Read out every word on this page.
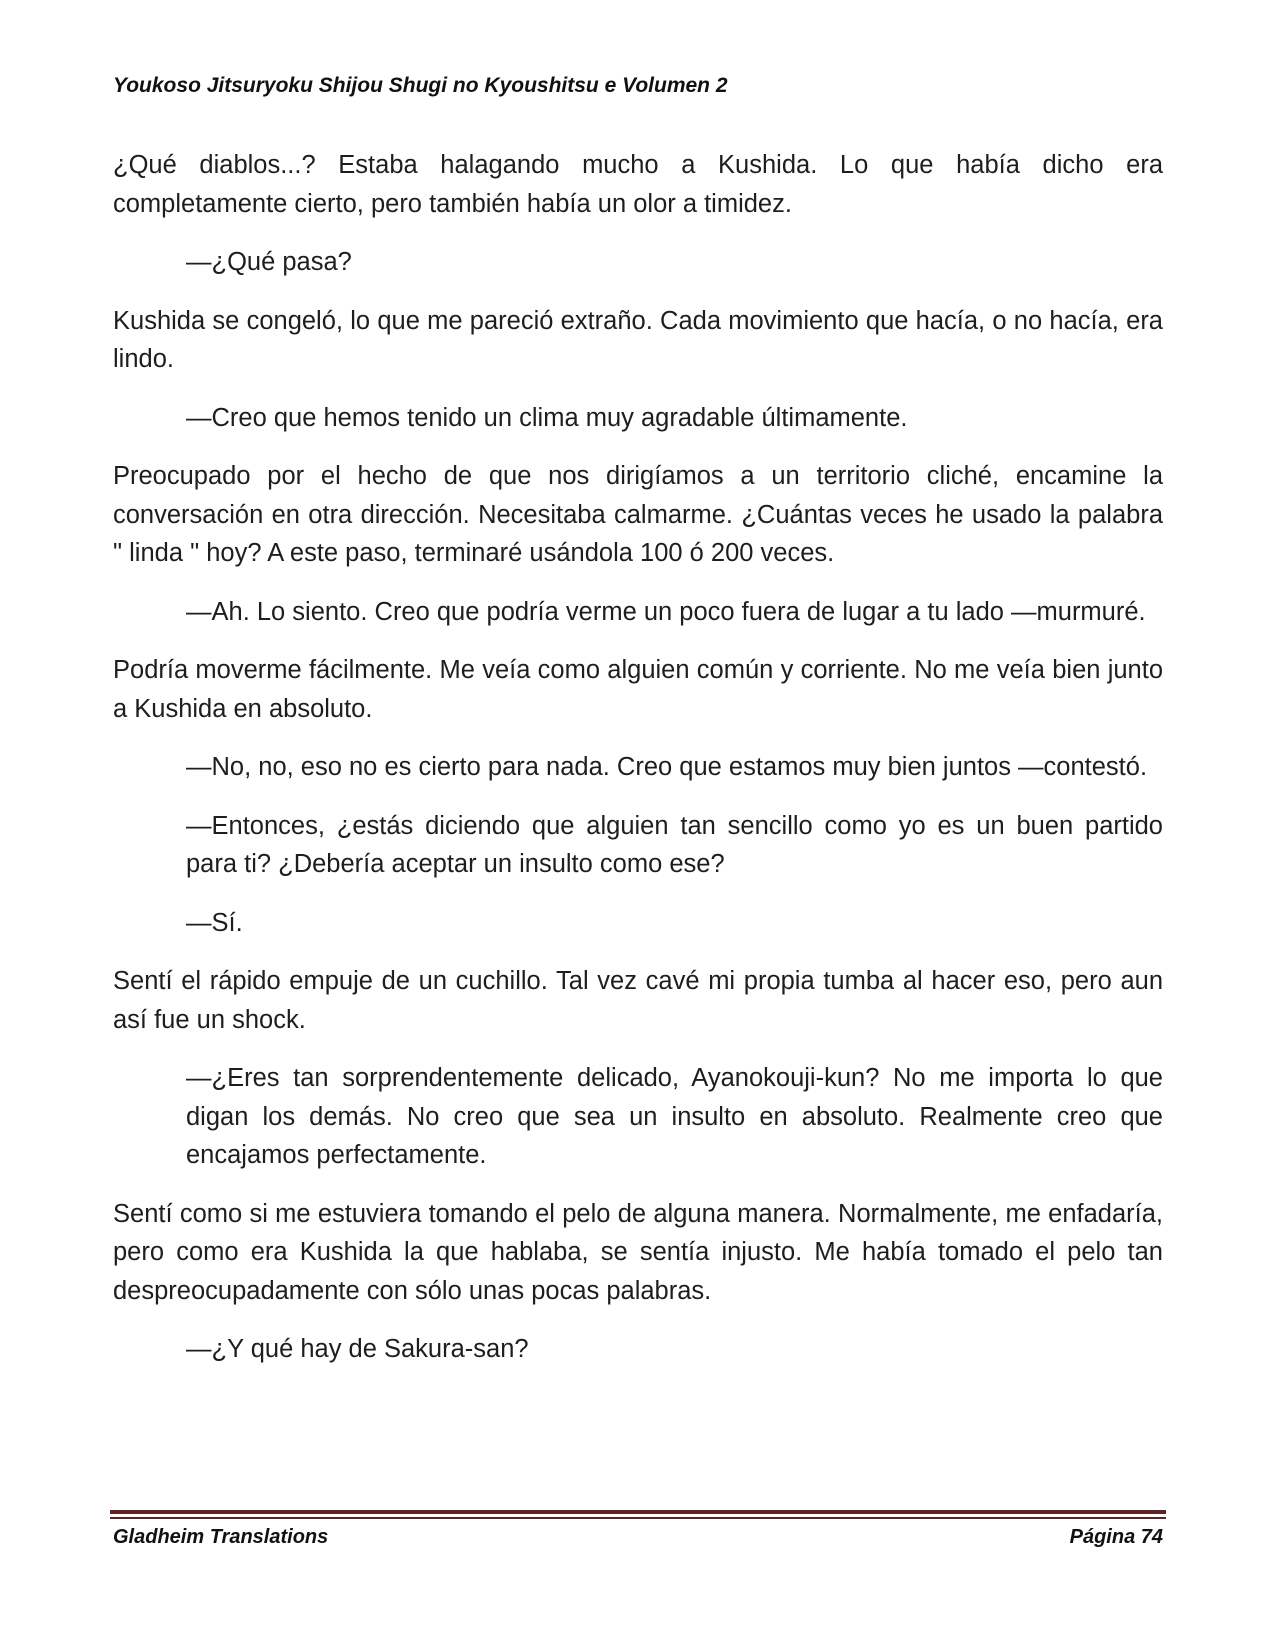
Youkoso Jitsuryoku Shijou Shugi no Kyoushitsu e Volumen 2

¿Qué diablos...? Estaba halagando mucho a Kushida. Lo que había dicho era completamente cierto, pero también había un olor a timidez.

—¿Qué pasa?

Kushida se congeló, lo que me pareció extraño. Cada movimiento que hacía, o no hacía, era lindo.

—Creo que hemos tenido un clima muy agradable últimamente.

Preocupado por el hecho de que nos dirigíamos a un territorio cliché, encamine la conversación en otra dirección. Necesitaba calmarme. ¿Cuántas veces he usado la palabra " linda " hoy? A este paso, terminaré usándola 100 ó 200 veces.

—Ah. Lo siento. Creo que podría verme un poco fuera de lugar a tu lado —murmuré.

Podría moverme fácilmente. Me veía como alguien común y corriente. No me veía bien junto a Kushida en absoluto.

—No, no, eso no es cierto para nada. Creo que estamos muy bien juntos —contestó.

—Entonces, ¿estás diciendo que alguien tan sencillo como yo es un buen partido para ti? ¿Debería aceptar un insulto como ese?

—Sí.

Sentí el rápido empuje de un cuchillo. Tal vez cavé mi propia tumba al hacer eso, pero aun así fue un shock.

—¿Eres tan sorprendentemente delicado, Ayanokouji-kun? No me importa lo que digan los demás. No creo que sea un insulto en absoluto. Realmente creo que encajamos perfectamente.

Sentí como si me estuviera tomando el pelo de alguna manera. Normalmente, me enfadaría, pero como era Kushida la que hablaba, se sentía injusto. Me había tomado el pelo tan despreocupadamente con sólo unas pocas palabras.

—¿Y qué hay de Sakura-san?

Gladheim Translations	Página 74
